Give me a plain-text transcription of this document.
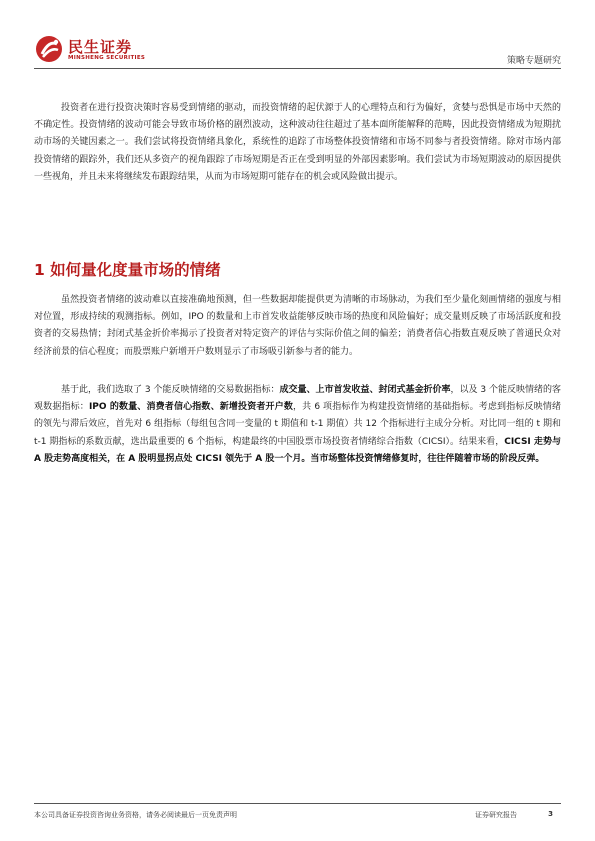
民生证券
MINSHENG SECURITIES	策略专题研究

投资者在进行投资决策时容易受到情绪的驱动，而投资情绪的起伏源于人的心理特点和行为偏好，贪婪与恐惧是市场中天然的不确定性。投资情绪的波动可能会导致市场价格的剧烈波动，这种波动往往超过了基本面所能解释的范畴，因此投资情绪成为短期扰动市场的关键因素之一。我们尝试将投资情绪具象化，系统性的追踪了市场整体投资情绪和市场不同参与者投资情绪。除对市场内部投资情绪的跟踪外，我们还从多资产的视角跟踪了市场短期是否正在受到明显的外部因素影响。我们尝试为市场短期波动的原因提供一些视角，并且未来将继续发布跟踪结果，从而为市场短期可能存在的机会或风险做出提示。

1 如何量化度量市场的情绪

虽然投资者情绪的波动难以直接准确地预测，但一些数据却能提供更为清晰的市场脉动，为我们至少量化刻画情绪的强度与相对位置，形成持续的观测指标。例如，IPO 的数量和上市首发收益能够反映市场的热度和风险偏好；成交量则反映了市场活跃度和投资者的交易热情；封闭式基金折价率揭示了投资者对特定资产的评估与实际价值之间的偏差；消费者信心指数直观反映了普通民众对经济前景的信心程度；而股票账户新增开户数则显示了市场吸引新参与者的能力。

基于此，我们选取了 3 个能反映情绪的交易数据指标：成交量、上市首发收益、封闭式基金折价率，以及 3 个能反映情绪的客观数据指标：IPO 的数量、消费者信心指数、新增投资者开户数，共 6 项指标作为构建投资情绪的基础指标。考虑到指标反映情绪的领先与滞后效应，首先对 6 组指标（每组包含同一变量的 t 期值和 t-1 期值）共 12 个指标进行主成分分析。对比同一组的 t 期和 t-1 期指标的系数贡献，选出最重要的 6 个指标，构建最终的中国股票市场投资者情绪综合指数（CICSI）。结果来看，CICSI 走势与 A 股走势高度相关，在 A 股明显拐点处 CICSI 领先于 A 股一个月。当市场整体投资情绪修复时，往往伴随着市场的阶段反弹。

本公司具备证券投资咨询业务资格，请务必阅读最后一页免责声明	证券研究报告	3
